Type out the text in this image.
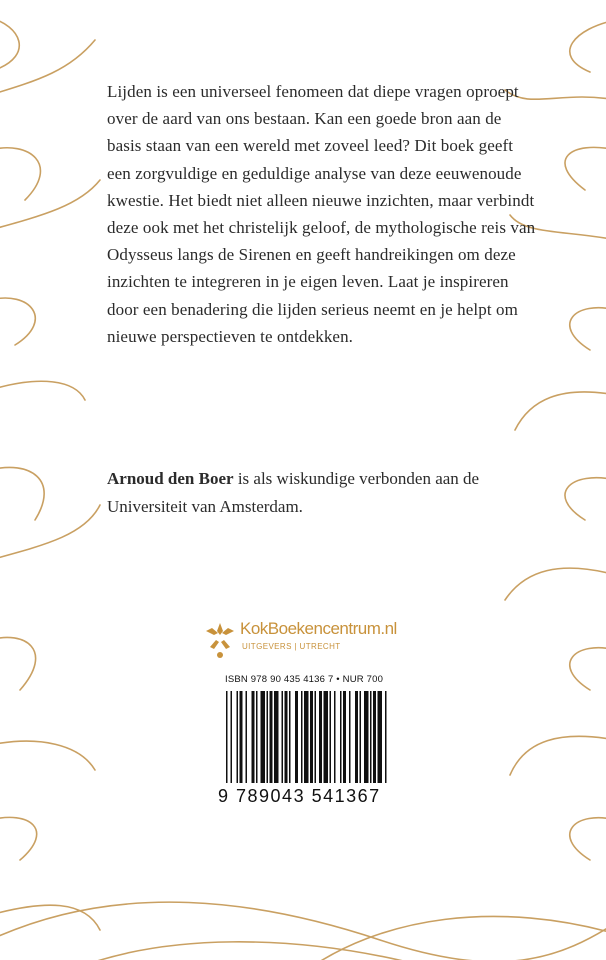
Lijden is een universeel fenomeen dat diepe vragen oproept over de aard van ons bestaan. Kan een goede bron aan de basis staan van een wereld met zoveel leed? Dit boek geeft een zorgvuldige en geduldige analyse van deze eeuwenoude kwestie. Het biedt niet alleen nieuwe inzichten, maar verbindt deze ook met het christelijk geloof, de mythologische reis van Odysseus langs de Sirenen en geeft handreikingen om deze inzichten te integreren in je eigen leven. Laat je inspireren door een benadering die lijden serieus neemt en je helpt om nieuwe perspectieven te ontdekken.

Arnoud den Boer is als wiskundige verbonden aan de Universiteit van Amsterdam.

KokBoekencentrum.nl
UITGEVERS | UTRECHT
ISBN 978 90 435 4136 7 • NUR 700
9 789043 541367
